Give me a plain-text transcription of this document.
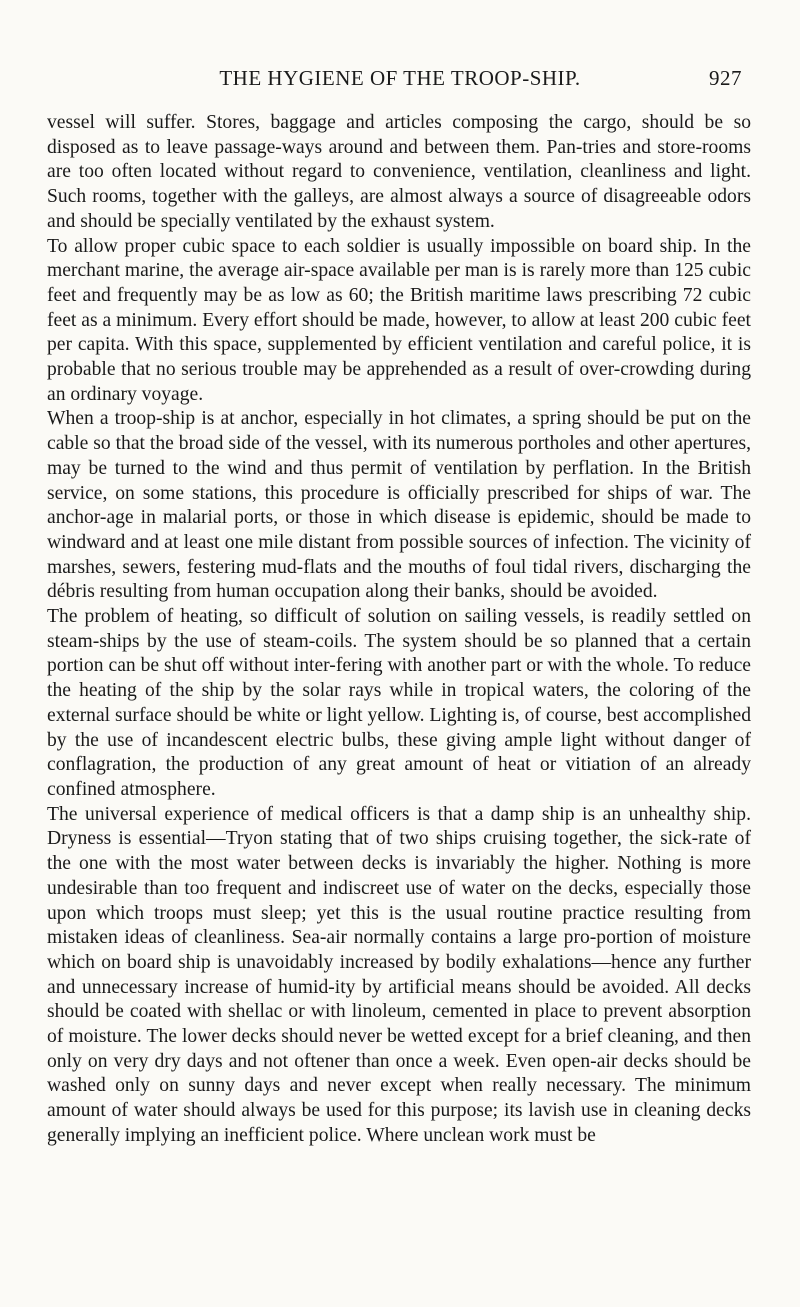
THE HYGIENE OF THE TROOP-SHIP.	927

vessel will suffer. Stores, baggage and articles composing the cargo, should be so disposed as to leave passage-ways around and between them. Pan-tries and store-rooms are too often located without regard to convenience, ventilation, cleanliness and light. Such rooms, together with the galleys, are almost always a source of disagreeable odors and should be specially ventilated by the exhaust system.

To allow proper cubic space to each soldier is usually impossible on board ship. In the merchant marine, the average air-space available per man is is rarely more than 125 cubic feet and frequently may be as low as 60; the British maritime laws prescribing 72 cubic feet as a minimum. Every effort should be made, however, to allow at least 200 cubic feet per capita. With this space, supplemented by efficient ventilation and careful police, it is probable that no serious trouble may be apprehended as a result of over-crowding during an ordinary voyage.

When a troop-ship is at anchor, especially in hot climates, a spring should be put on the cable so that the broad side of the vessel, with its numerous portholes and other apertures, may be turned to the wind and thus permit of ventilation by perflation. In the British service, on some stations, this procedure is officially prescribed for ships of war. The anchor-age in malarial ports, or those in which disease is epidemic, should be made to windward and at least one mile distant from possible sources of infection. The vicinity of marshes, sewers, festering mud-flats and the mouths of foul tidal rivers, discharging the débris resulting from human occupation along their banks, should be avoided.

The problem of heating, so difficult of solution on sailing vessels, is readily settled on steam-ships by the use of steam-coils. The system should be so planned that a certain portion can be shut off without inter-fering with another part or with the whole. To reduce the heating of the ship by the solar rays while in tropical waters, the coloring of the external surface should be white or light yellow. Lighting is, of course, best accomplished by the use of incandescent electric bulbs, these giving ample light without danger of conflagration, the production of any great amount of heat or vitiation of an already confined atmosphere.

The universal experience of medical officers is that a damp ship is an unhealthy ship. Dryness is essential—Tryon stating that of two ships cruising together, the sick-rate of the one with the most water between decks is invariably the higher. Nothing is more undesirable than too frequent and indiscreet use of water on the decks, especially those upon which troops must sleep; yet this is the usual routine practice resulting from mistaken ideas of cleanliness. Sea-air normally contains a large pro-portion of moisture which on board ship is unavoidably increased by bodily exhalations—hence any further and unnecessary increase of humid-ity by artificial means should be avoided. All decks should be coated with shellac or with linoleum, cemented in place to prevent absorption of moisture. The lower decks should never be wetted except for a brief cleaning, and then only on very dry days and not oftener than once a week. Even open-air decks should be washed only on sunny days and never except when really necessary. The minimum amount of water should always be used for this purpose; its lavish use in cleaning decks generally implying an inefficient police. Where unclean work must be
